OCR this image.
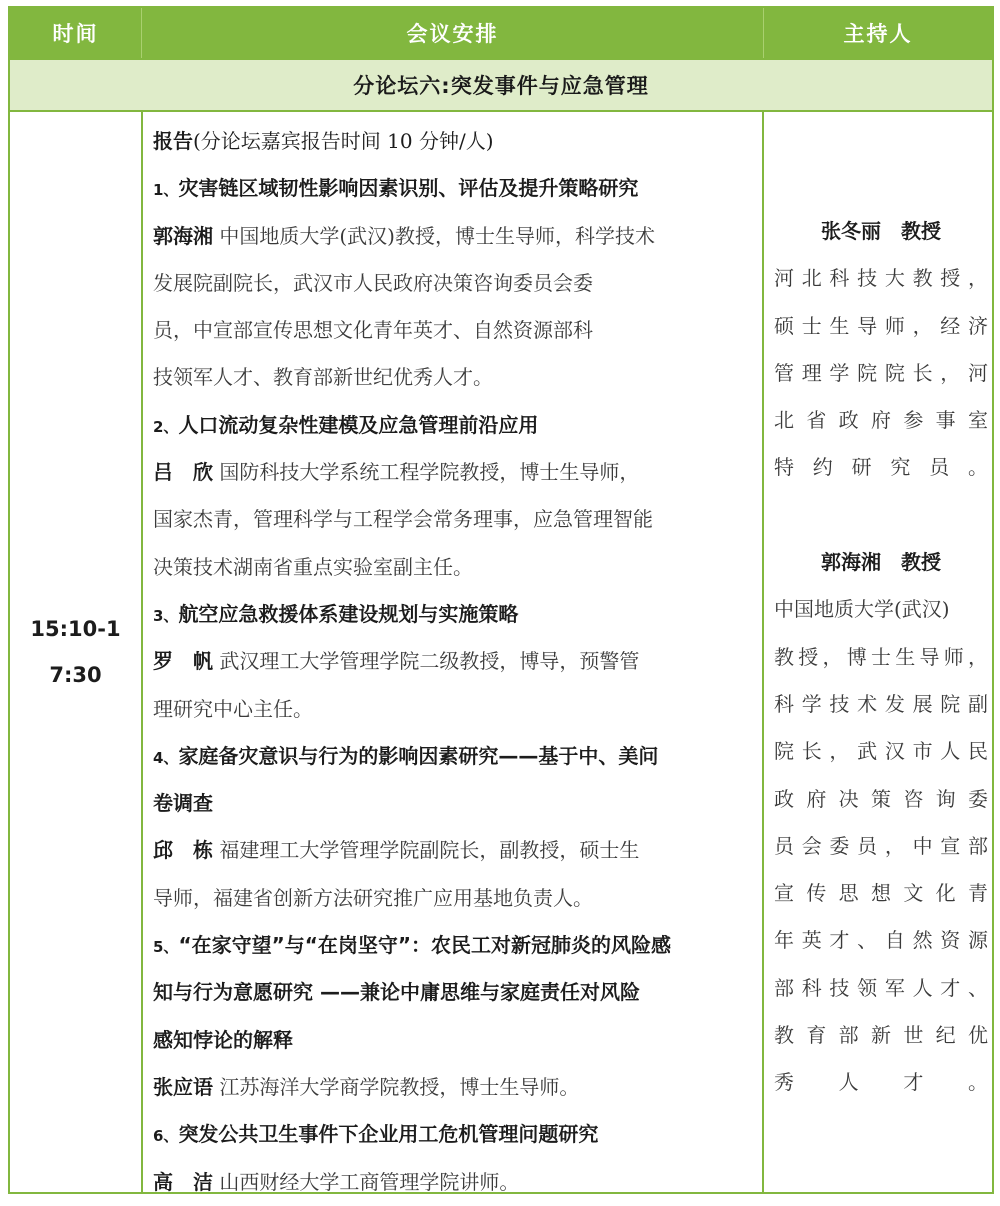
时间	会议安排	主持人
分论坛六:突发事件与应急管理
15:10-17:30
报告(分论坛嘉宾报告时间 10 分钟/人)
1、灾害链区域韧性影响因素识别、评估及提升策略研究
郭海湘 中国地质大学(武汉)教授，博士生导师，科学技术
发展院副院长，武汉市人民政府决策咨询委员会委
员，中宣部宣传思想文化青年英才、自然资源部科
技领军人才、教育部新世纪优秀人才。
2、人口流动复杂性建模及应急管理前沿应用
吕　欣 国防科技大学系统工程学院教授，博士生导师，
国家杰青，管理科学与工程学会常务理事，应急管理智能
决策技术湖南省重点实验室副主任。
3、航空应急救援体系建设规划与实施策略
罗　帆 武汉理工大学管理学院二级教授，博导，预警管
理研究中心主任。
4、家庭备灾意识与行为的影响因素研究——基于中、美问
卷调查
邱　栋 福建理工大学管理学院副院长，副教授，硕士生
导师，福建省创新方法研究推广应用基地负责人。
5、“在家守望”与“在岗坚守”：农民工对新冠肺炎的风险感
知与行为意愿研究 ——兼论中庸思维与家庭责任对风险
感知悖论的解释
张应语 江苏海洋大学商学院教授，博士生导师。
6、突发公共卫生事件下企业用工危机管理问题研究
高　洁 山西财经大学工商管理学院讲师。
张冬丽　教授
河北科技大教授，
硕士生导师，经济
管理学院院长，河
北省政府参事室
特约研究员。
郭海湘　教授
中国地质大学(武汉)
教授，博士生导师，
科学技术发展院副
院长，武汉市人民
政府决策咨询委
员会委员，中宣部
宣传思想文化青
年英才、自然资源
部科技领军人才、
教育部新世纪优
秀人才。
